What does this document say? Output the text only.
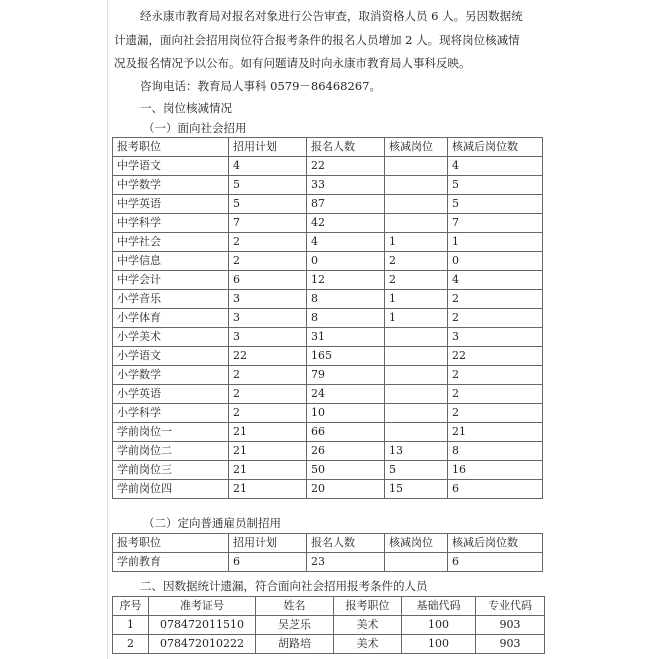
经永康市教育局对报名对象进行公告审查，取消资格人员 6 人。另因数据统
计遗漏，面向社会招用岗位符合报考条件的报名人员增加 2 人。现将岗位核减情
况及报名情况予以公布。如有问题请及时向永康市教育局人事科反映。
咨询电话：教育局人事科 0579－86468267。
一、岗位核减情况
（一）面向社会招用
报考职位	招用计划	报名人数	核减岗位	核减后岗位数
中学语文	4	22		4
中学数学	5	33		5
中学英语	5	87		5
中学科学	7	42		7
中学社会	2	4	1	1
中学信息	2	0	2	0
中学会计	6	12	2	4
小学音乐	3	8	1	2
小学体育	3	8	1	2
小学美术	3	31		3
小学语文	22	165		22
小学数学	2	79		2
小学英语	2	24		2
小学科学	2	10		2
学前岗位一	21	66		21
学前岗位二	21	26	13	8
学前岗位三	21	50	5	16
学前岗位四	21	20	15	6
（二）定向普通雇员制招用
报考职位	招用计划	报名人数	核减岗位	核减后岗位数
学前教育	6	23		6
二、因数据统计遗漏，符合面向社会招用报考条件的人员
序号	准考证号	姓名	报考职位	基础代码	专业代码
1	078472011510	吴芝乐	美术	100	903
2	078472010222	胡路培	美术	100	903
